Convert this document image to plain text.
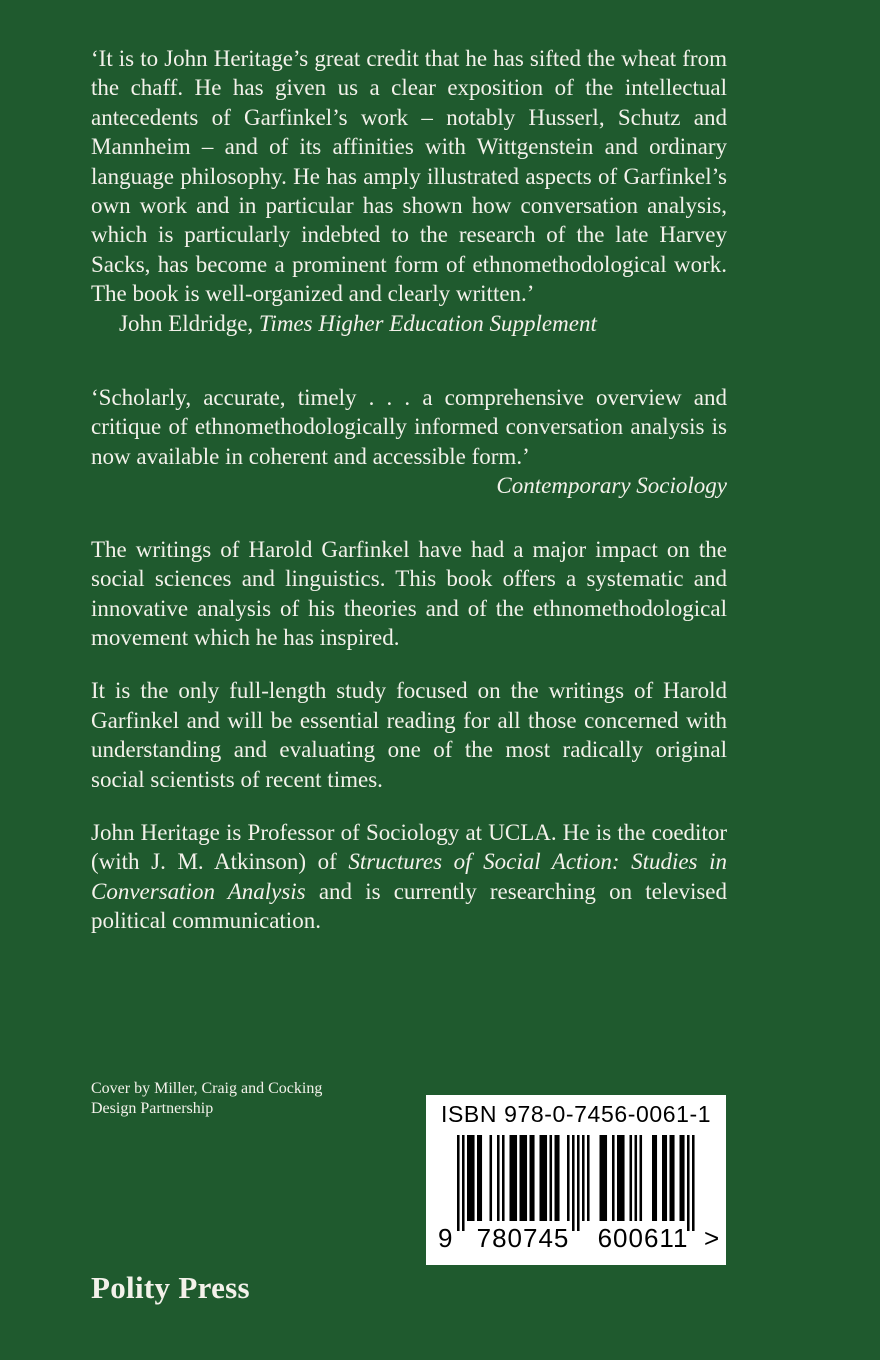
‘It is to John Heritage’s great credit that he has sifted the wheat from the chaff. He has given us a clear exposition of the intellectual antecedents of Garfinkel’s work – notably Husserl, Schutz and Mannheim – and of its affinities with Wittgenstein and ordinary language philosophy. He has amply illustrated aspects of Garfinkel’s own work and in particular has shown how conversation analysis, which is particularly indebted to the research of the late Harvey Sacks, has become a prominent form of ethnomethodological work. The book is well-organized and clearly written.’

John Eldridge, Times Higher Education Supplement

‘Scholarly, accurate, timely . . . a comprehensive overview and critique of ethnomethodologically informed conversation analysis is now available in coherent and accessible form.’

Contemporary Sociology

The writings of Harold Garfinkel have had a major impact on the social sciences and linguistics. This book offers a systematic and innovative analysis of his theories and of the ethnomethodological movement which he has inspired.

It is the only full-length study focused on the writings of Harold Garfinkel and will be essential reading for all those concerned with understanding and evaluating one of the most radically original social scientists of recent times.

John Heritage is Professor of Sociology at UCLA. He is the coeditor (with J. M. Atkinson) of Structures of Social Action: Studies in Conversation Analysis and is currently researching on televised political communication.

Cover by Miller, Craig and Cocking
Design Partnership	ISBN 978-0-7456-0061-1
9 780745	600611 >
Polity Press
